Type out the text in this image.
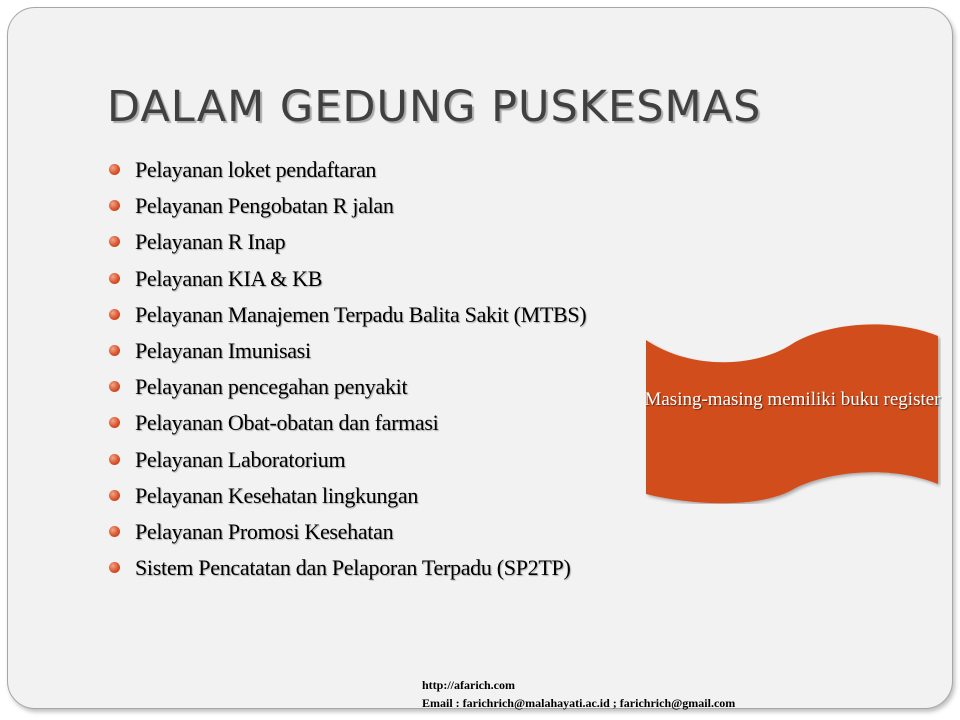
DALAM GEDUNG PUSKESMAS
Pelayanan loket pendaftaran
Pelayanan Pengobatan R jalan
Pelayanan R Inap
Pelayanan KIA & KB
Pelayanan Manajemen Terpadu Balita Sakit (MTBS)
Pelayanan Imunisasi
Pelayanan pencegahan penyakit
Pelayanan Obat-obatan dan farmasi
Pelayanan Laboratorium
Pelayanan Kesehatan lingkungan
Pelayanan Promosi Kesehatan
Sistem Pencatatan dan Pelaporan Terpadu (SP2TP)
Masing-masing memiliki buku register
http://afarich.com
Email : farichrich@malahayati.ac.id ; farichrich@gmail.com
